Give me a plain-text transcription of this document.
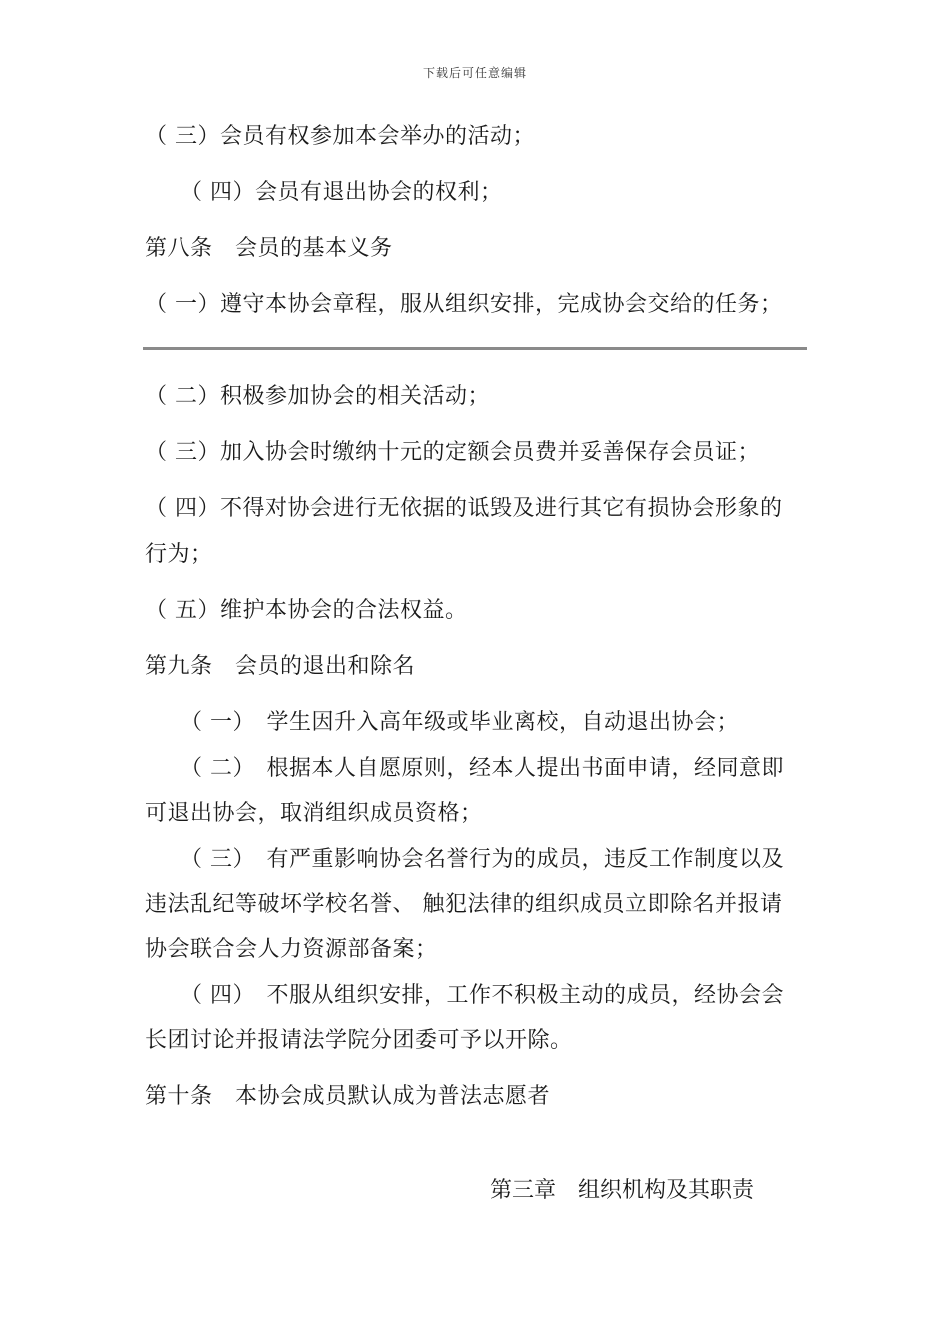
下载后可任意编辑
（ 三）会员有权参加本会举办的活动；
（ 四）会员有退出协会的权利；
第八条　会员的基本义务
（ 一）遵守本协会章程，服从组织安排，完成协会交给的任务；
（ 二）积极参加协会的相关活动；
（ 三）加入协会时缴纳十元的定额会员费并妥善保存会员证；
（ 四）不得对协会进行无依据的诋毁及进行其它有损协会形象的
行为；
（ 五）维护本协会的合法权益。
第九条　会员的退出和除名
（ 一）　学生因升入高年级或毕业离校，自动退出协会；
（ 二）　根据本人自愿原则，经本人提出书面申请，经同意即
可退出协会，取消组织成员资格；
（ 三）　有严重影响协会名誉行为的成员，违反工作制度以及
违法乱纪等破坏学校名誉、 触犯法律的组织成员立即除名并报请
协会联合会人力资源部备案；
（ 四）　不服从组织安排，工作不积极主动的成员，经协会会
长团讨论并报请法学院分团委可予以开除。
第十条　本协会成员默认成为普法志愿者
第三章　组织机构及其职责
